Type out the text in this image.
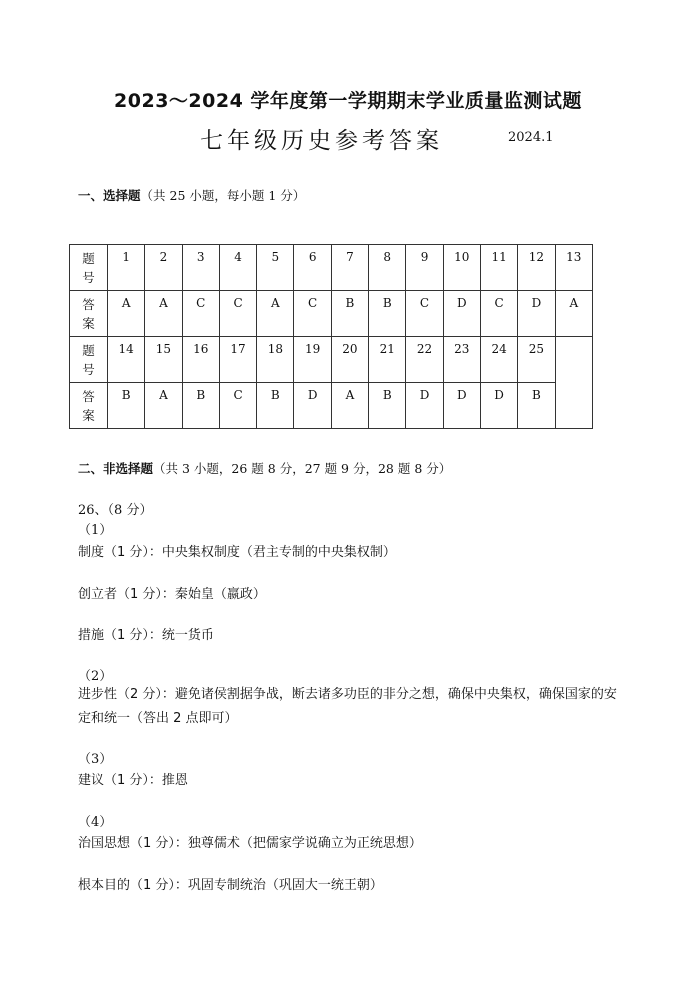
2023～2024 学年度第一学期期末学业质量监测试题
七年级历史参考答案	2024.1
一、选择题（共 25 小题，每小题 1 分）
题
号	1	2	3	4	5	6	7	8	9	10	11	12	13
答
案	A	A	C	C	A	C	B	B	C	D	C	D	A
题
号	14	15	16	17	18	19	20	21	22	23	24	25	
答
案	B	A	B	C	B	D	A	B	D	D	D	B	
二、非选择题（共 3 小题，26 题 8 分，27 题 9 分，28 题 8 分）
26、（8 分）
（1）
制度（1 分）：中央集权制度（君主专制的中央集权制）
创立者（1 分）：秦始皇（嬴政）
措施（1 分）：统一货币
（2）
进步性（2 分）：避免诸侯割据争战，断去诸多功臣的非分之想，确保中央集权，确保国家的安定和统一（答出 2 点即可）
（3）
建议（1 分）：推恩
（4）
治国思想（1 分）：独尊儒术（把儒家学说确立为正统思想）
根本目的（1 分）：巩固专制统治（巩固大一统王朝）
